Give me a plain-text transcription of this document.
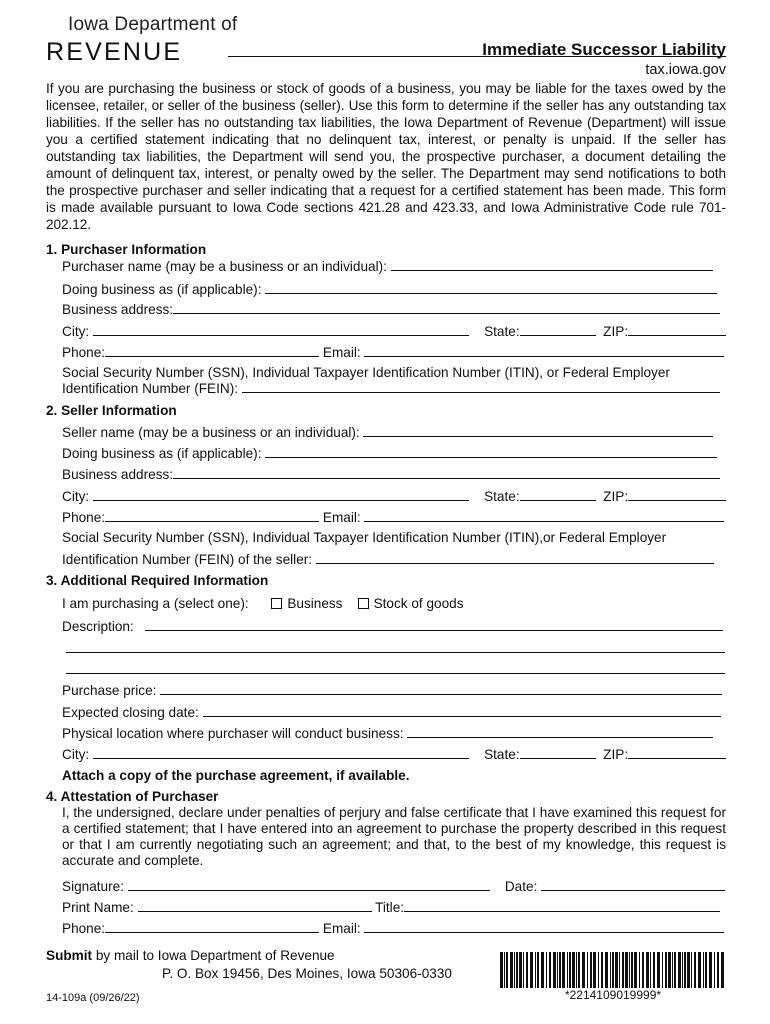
Iowa Department of
revenue	Immediate Successor Liability
tax.iowa.gov
If you are purchasing the business or stock of goods of a business, you may be liable for the taxes owed by the licensee, retailer, or seller of the business (seller). Use this form to determine if the seller has any outstanding tax liabilities. If the seller has no outstanding tax liabilities, the Iowa Department of Revenue (Department) will issue you a certified statement indicating that no delinquent tax, interest, or penalty is unpaid. If the seller has outstanding tax liabilities, the Department will send you, the prospective purchaser, a document detailing the amount of delinquent tax, interest, or penalty owed by the seller. The Department may send notifications to both the prospective purchaser and seller indicating that a request for a certified statement has been made. This form is made available pursuant to Iowa Code sections 421.28 and 423.33, and Iowa Administrative Code rule 701-202.12.
1. Purchaser Information
Purchaser name (may be a business or an individual):
Doing business as (if applicable):
Business address:
City:	State:	ZIP:
Phone:	Email:
Social Security Number (SSN), Individual Taxpayer Identification Number (ITIN), or Federal Employer
Identification Number (FEIN):
2. Seller Information
Seller name (may be a business or an individual):
Doing business as (if applicable):
Business address:
City:	State:	ZIP:
Phone:	Email:
Social Security Number (SSN), Individual Taxpayer Identification Number (ITIN),or Federal Employer
Identification Number (FEIN) of the seller:
3. Additional Required Information
I am purchasing a (select one):	Business Stock of goods
Description:
Purchase price:
Expected closing date:
Physical location where purchaser will conduct business:
City:	State:	ZIP:
Attach a copy of the purchase agreement, if available.
4. Attestation of Purchaser
I, the undersigned, declare under penalties of perjury and false certificate that I have examined this request for a certified statement; that I have entered into an agreement to purchase the property described in this request or that I am currently negotiating such an agreement; and that, to the best of my knowledge, this request is accurate and complete.
Signature:	Date:
Print Name:	Title:
Phone:	Email:
Submit by mail to Iowa Department of Revenue
P. O. Box 19456, Des Moines, Iowa 50306-0330
14-109a (09/26/22)	*2214109019999*
